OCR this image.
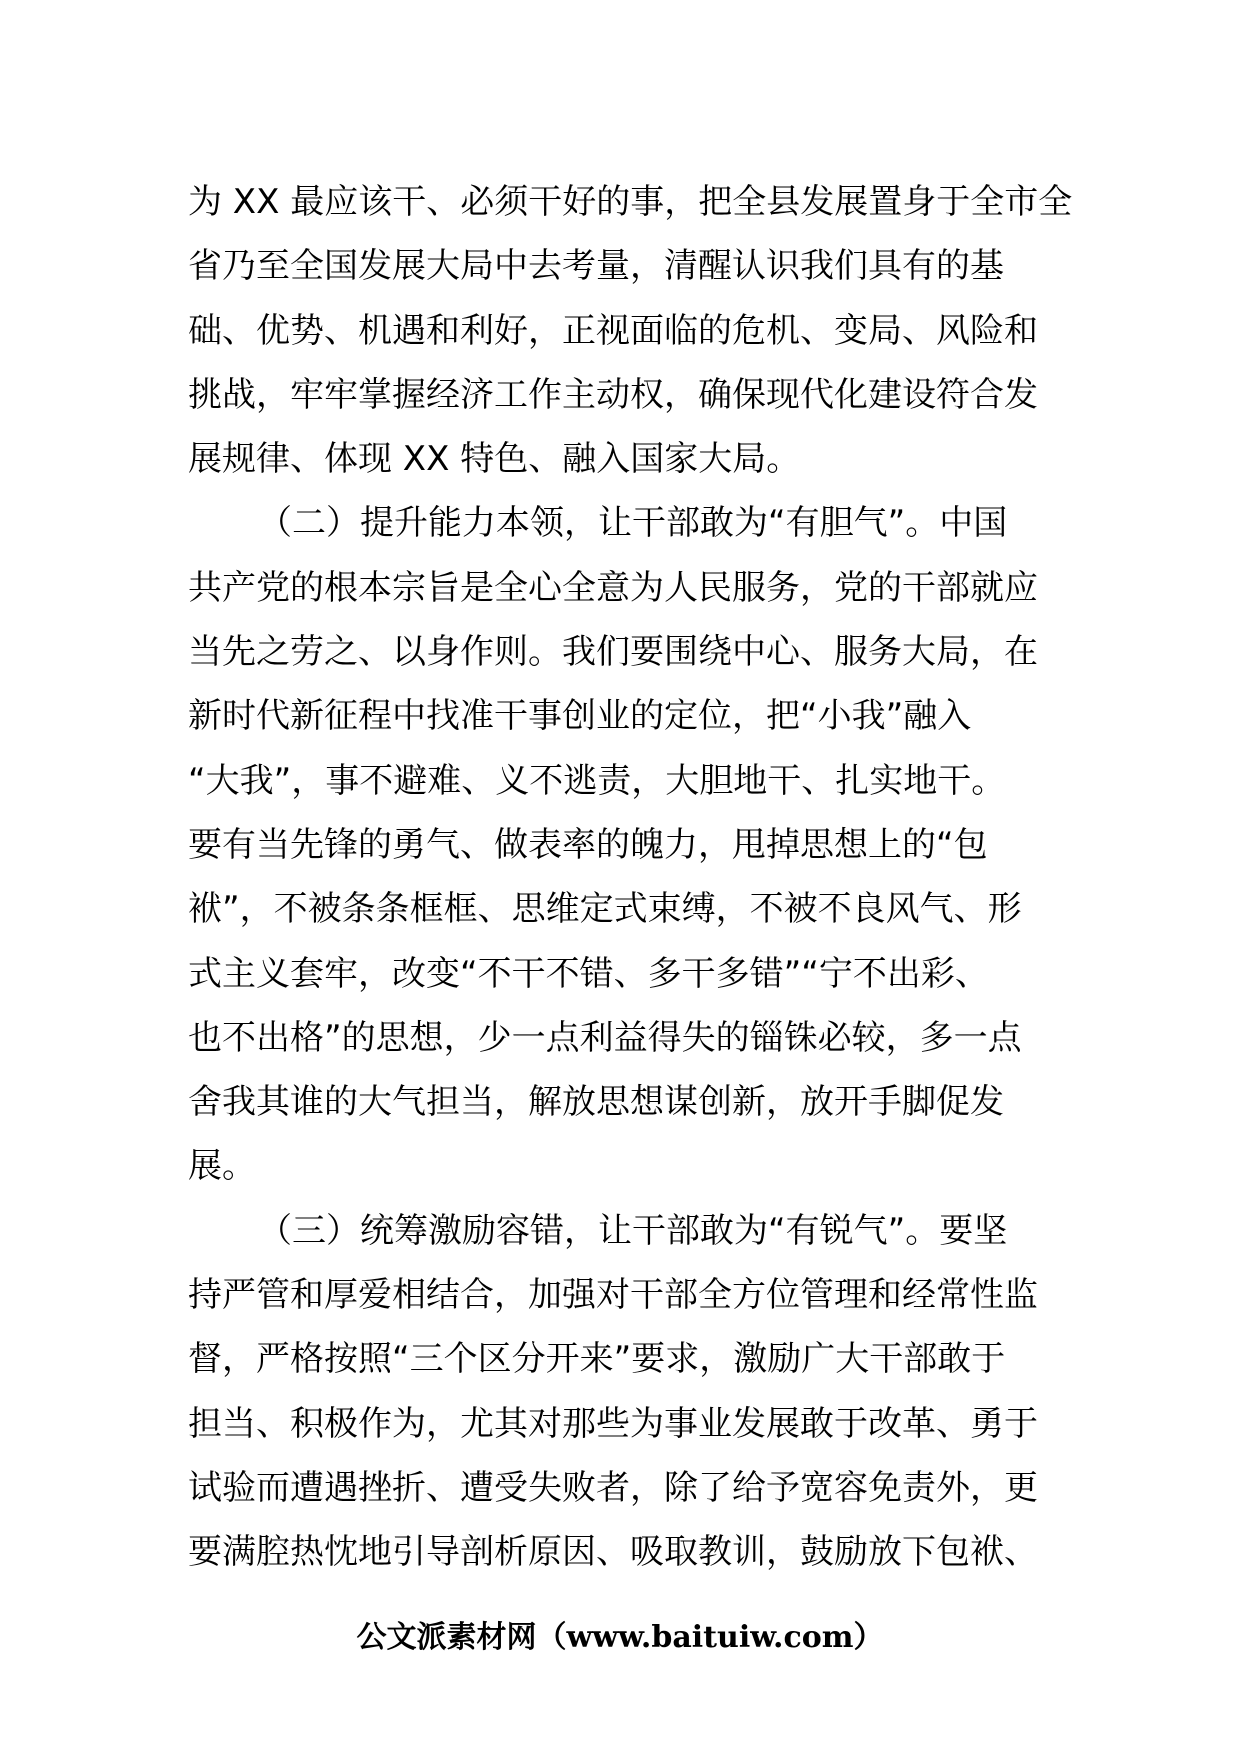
为 XX 最应该干、必须干好的事，把全县发展置身于全市全
省乃至全国发展大局中去考量，清醒认识我们具有的基
础、优势、机遇和利好，正视面临的危机、变局、风险和
挑战，牢牢掌握经济工作主动权，确保现代化建设符合发
展规律、体现 XX 特色、融入国家大局。
（二）提升能力本领，让干部敢为“有胆气”。中国
共产党的根本宗旨是全心全意为人民服务，党的干部就应
当先之劳之、以身作则。我们要围绕中心、服务大局，在
新时代新征程中找准干事创业的定位，把“小我”融入
“大我”，事不避难、义不逃责，大胆地干、扎实地干。
要有当先锋的勇气、做表率的魄力，甩掉思想上的“包
袱”，不被条条框框、思维定式束缚，不被不良风气、形
式主义套牢，改变“不干不错、多干多错”“宁不出彩、
也不出格”的思想，少一点利益得失的锱铢必较，多一点
舍我其谁的大气担当，解放思想谋创新，放开手脚促发
展。
（三）统筹激励容错，让干部敢为“有锐气”。要坚
持严管和厚爱相结合，加强对干部全方位管理和经常性监
督，严格按照“三个区分开来”要求，激励广大干部敢于
担当、积极作为，尤其对那些为事业发展敢于改革、勇于
试验而遭遇挫折、遭受失败者，除了给予宽容免责外，更
要满腔热忱地引导剖析原因、吸取教训，鼓励放下包袱、
公文派素材网（www.baituiw.com）
